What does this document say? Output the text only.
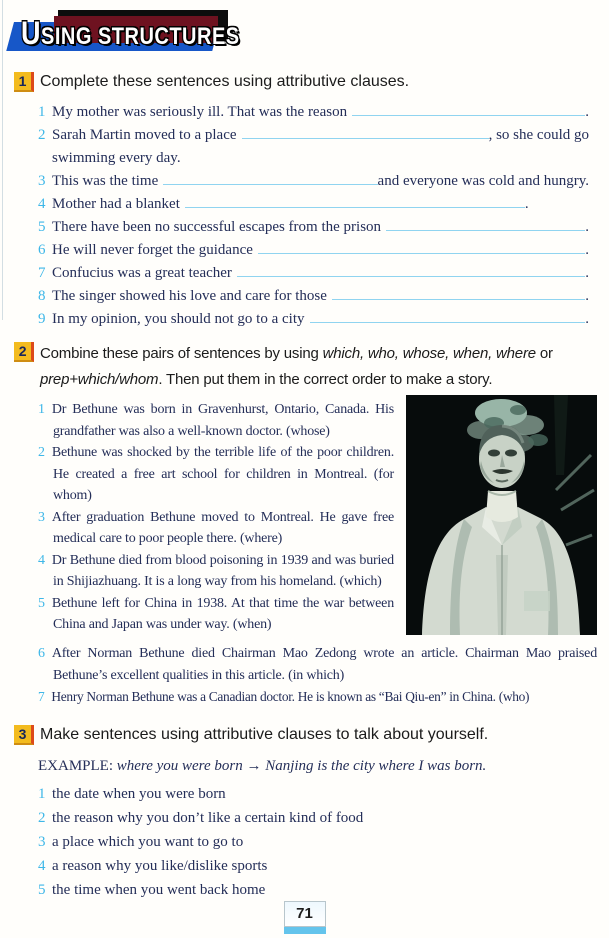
USING STRUCTURES
1 Complete these sentences using attributive clauses.
1 My mother was seriously ill. That was the reason	.
2 Sarah Martin moved to a place	, so she could go
swimming every day.
3 This was the time	and everyone was cold and hungry.
4 Mother had a blanket	.
5 There have been no successful escapes from the prison	.
6 He will never forget the guidance	.
7 Confucius was a great teacher	.
8 The singer showed his love and care for those	.
9 In my opinion, you should not go to a city	.
2 Combine these pairs of sentences by using which, who, whose, when, where or
prep+which/whom. Then put them in the correct order to make a story.
1 Dr Bethune was born in Gravenhurst, Ontario, Canada. His grandfather was also a well-known doctor. (whose)
2 Bethune was shocked by the terrible life of the poor children. He created a free art school for children in Montreal. (for whom)
3 After graduation Bethune moved to Montreal. He gave free medical care to poor people there. (where)
4 Dr Bethune died from blood poisoning in 1939 and was buried in Shijiazhuang. It is a long way from his homeland. (which)
5 Bethune left for China in 1938. At that time the war between China and Japan was under way. (when)
6 After Norman Bethune died Chairman Mao Zedong wrote an article. Chairman Mao praised Bethune’s excellent qualities in this article. (in which)
7 Henry Norman Bethune was a Canadian doctor. He is known as “Bai Qiu-en” in China. (who)
3 Make sentences using attributive clauses to talk about yourself.
EXAMPLE: where you were born → Nanjing is the city where I was born.
1 the date when you were born
2 the reason why you don’t like a certain kind of food
3 a place which you want to go to
4 a reason why you like/dislike sports
5 the time when you went back home
71
